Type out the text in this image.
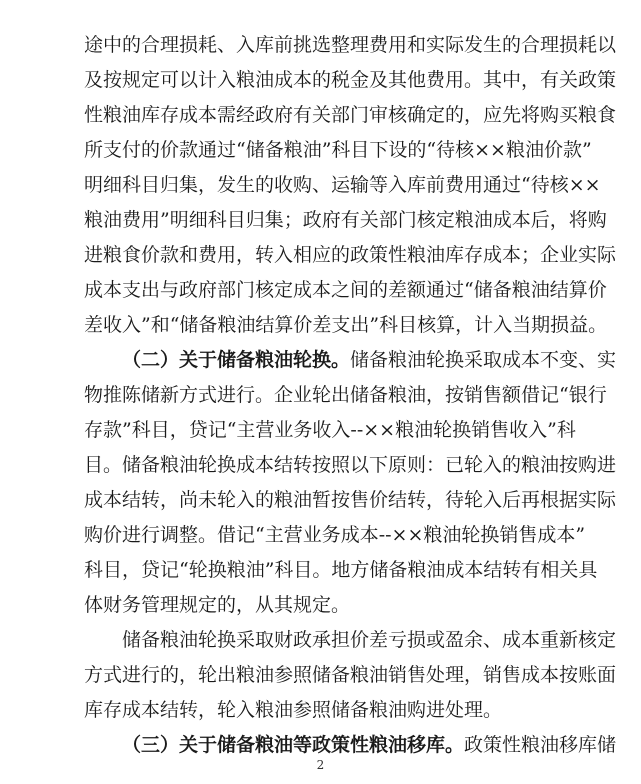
途中的合理损耗、入库前挑选整理费用和实际发生的合理损耗以
及按规定可以计入粮油成本的税金及其他费用。其中，有关政策
性粮油库存成本需经政府有关部门审核确定的，应先将购买粮食
所支付的价款通过“储备粮油”科目下设的“待核××粮油价款”
明细科目归集，发生的收购、运输等入库前费用通过“待核××
粮油费用”明细科目归集；政府有关部门核定粮油成本后，将购
进粮食价款和费用，转入相应的政策性粮油库存成本；企业实际
成本支出与政府部门核定成本之间的差额通过“储备粮油结算价
差收入”和“储备粮油结算价差支出”科目核算，计入当期损益。
（二）关于储备粮油轮换。储备粮油轮换采取成本不变、实
物推陈储新方式进行。企业轮出储备粮油，按销售额借记“银行
存款”科目，贷记“主营业务收入--××粮油轮换销售收入”科
目。储备粮油轮换成本结转按照以下原则：已轮入的粮油按购进
成本结转，尚未轮入的粮油暂按售价结转，待轮入后再根据实际
购价进行调整。借记“主营业务成本--××粮油轮换销售成本”
科目，贷记“轮换粮油”科目。地方储备粮油成本结转有相关具
体财务管理规定的，从其规定。
储备粮油轮换采取财政承担价差亏损或盈余、成本重新核定
方式进行的，轮出粮油参照储备粮油销售处理，销售成本按账面
库存成本结转，轮入粮油参照储备粮油购进处理。
2
（三）关于储备粮油等政策性粮油移库。政策性粮油移库储
